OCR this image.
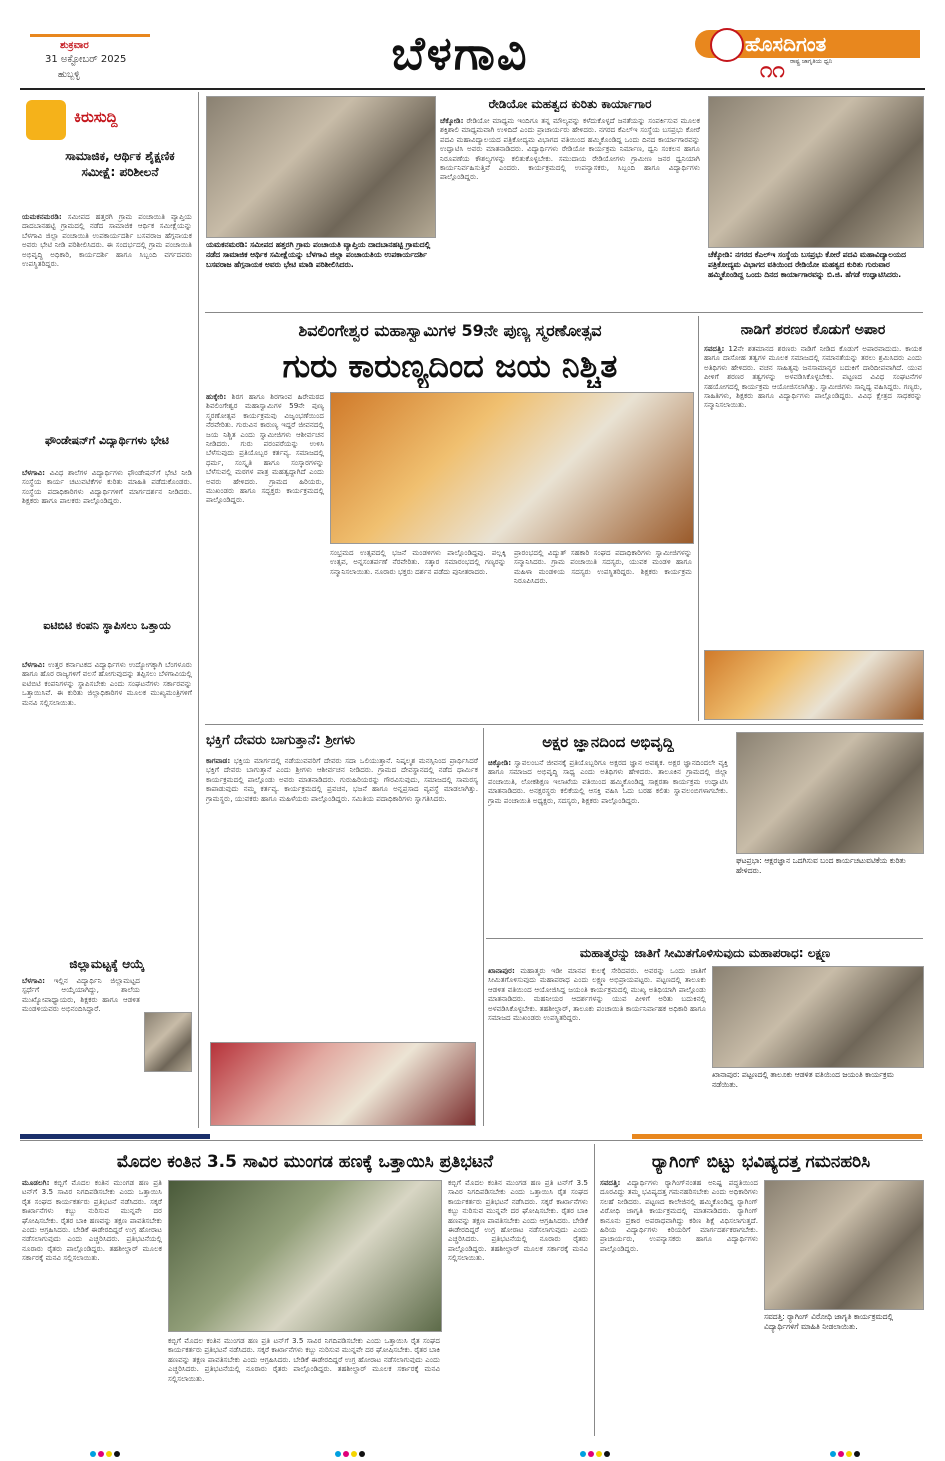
ಶುಕ್ರವಾರ
31 ಅಕ್ಟೋಬರ್ 2025
ಹುಬ್ಬಳ್ಳಿ	ಬೆಳಗಾವಿ	ಹೊಸದಿಗಂತ
ರಾಷ್ಟ್ರ ಜಾಗೃತಿಯ ಧ್ವನಿ
೧೧
ಕಿರುಸುದ್ದಿ
ಸಾಮಾಜಿಕ, ಆರ್ಥಿಕ ಶೈಕ್ಷಣಿಕ ಸಮೀಕ್ಷೆ: ಪರಿಶೀಲನೆ
ಯಮಕನಮರಡಿ: ಸಮೀಪದ ಹತ್ತರಗಿ ಗ್ರಾಮ ಪಂಚಾಯಿತಿ ವ್ಯಾಪ್ತಿಯ ದಾದಬಾನಹಟ್ಟಿ ಗ್ರಾಮದಲ್ಲಿ ನಡೆದ ಸಾಮಾಜಿಕ ಆರ್ಥಿಕ ಸಮೀಕ್ಷೆಯನ್ನು ಬೆಳಗಾವಿ ಜಿಲ್ಲಾ ಪಂಚಾಯಿತಿ ಉಪಕಾರ್ಯದರ್ಶಿ ಬಸವರಾಜ ಹೆಗ್ಗನಾಯಕ ಅವರು ಭೇಟಿ ನೀಡಿ ಪರಿಶೀಲಿಸಿದರು. ಈ ಸಂದರ್ಭದಲ್ಲಿ ಗ್ರಾಮ ಪಂಚಾಯಿತಿ ಅಭಿವೃದ್ಧಿ ಅಧಿಕಾರಿ, ಕಾರ್ಯದರ್ಶಿ ಹಾಗೂ ಸಿಬ್ಬಂದಿ ವರ್ಗದವರು ಉಪಸ್ಥಿತರಿದ್ದರು.
ಫೌಂಡೇಷನ್‌ಗೆ ವಿದ್ಯಾರ್ಥಿಗಳು ಭೇಟಿ
ಬೆಳಗಾವಿ: ವಿವಿಧ ಶಾಲೆಗಳ ವಿದ್ಯಾರ್ಥಿಗಳು ಫೌಂಡೇಷನ್‌ಗೆ ಭೇಟಿ ನೀಡಿ ಸಂಸ್ಥೆಯ ಕಾರ್ಯ ಚಟುವಟಿಕೆಗಳ ಕುರಿತು ಮಾಹಿತಿ ಪಡೆದುಕೊಂಡರು. ಸಂಸ್ಥೆಯ ಪದಾಧಿಕಾರಿಗಳು ವಿದ್ಯಾರ್ಥಿಗಳಿಗೆ ಮಾರ್ಗದರ್ಶನ ನೀಡಿದರು. ಶಿಕ್ಷಕರು ಹಾಗೂ ಪಾಲಕರು ಪಾಲ್ಗೊಂಡಿದ್ದರು.
ಐಟಿಬಿಟಿ ಕಂಪನಿ ಸ್ಥಾಪಿಸಲು ಒತ್ತಾಯ
ಬೆಳಗಾವಿ: ಉತ್ತರ ಕರ್ನಾಟಕದ ವಿದ್ಯಾರ್ಥಿಗಳು ಉದ್ಯೋಗಕ್ಕಾಗಿ ಬೆಂಗಳೂರು ಹಾಗೂ ಹೊರ ರಾಜ್ಯಗಳಿಗೆ ವಲಸೆ ಹೋಗುವುದನ್ನು ತಪ್ಪಿಸಲು ಬೆಳಗಾವಿಯಲ್ಲಿ ಐಟಿಬಿಟಿ ಕಂಪನಿಗಳನ್ನು ಸ್ಥಾಪಿಸಬೇಕು ಎಂದು ಸಂಘಟನೆಗಳು ಸರ್ಕಾರವನ್ನು ಒತ್ತಾಯಿಸಿವೆ. ಈ ಕುರಿತು ಜಿಲ್ಲಾಧಿಕಾರಿಗಳ ಮೂಲಕ ಮುಖ್ಯಮಂತ್ರಿಗಳಿಗೆ ಮನವಿ ಸಲ್ಲಿಸಲಾಯಿತು.
ಜಿಲ್ಲಾಮಟ್ಟಕ್ಕೆ ಆಯ್ಕೆ
ಬೆಳಗಾವಿ: ಇಲ್ಲಿನ ವಿದ್ಯಾರ್ಥಿನಿ ಜಿಲ್ಲಾಮಟ್ಟದ ಸ್ಪರ್ಧೆಗೆ ಆಯ್ಕೆಯಾಗಿದ್ದು, ಶಾಲೆಯ ಮುಖ್ಯೋಪಾಧ್ಯಾಯರು, ಶಿಕ್ಷಕರು ಹಾಗೂ ಆಡಳಿತ ಮಂಡಳಿಯವರು ಅಭಿನಂದಿಸಿದ್ದಾರೆ.
ಯಮಕನಮರಡಿ: ಸಮೀಪದ ಹತ್ತರಗಿ ಗ್ರಾಮ ಪಂಚಾಯತಿ ವ್ಯಾಪ್ತಿಯ ದಾದಬಾನಹಟ್ಟಿ ಗ್ರಾಮದಲ್ಲಿ ನಡೆದ ಸಾಮಾಜಿಕ ಆರ್ಥಿಕ ಸಮೀಕ್ಷೆಯನ್ನು ಬೆಳಗಾವಿ ಜಿಲ್ಲಾ ಪಂಚಾಯತಿಯ ಉಪಕಾರ್ಯದರ್ಶಿ ಬಸವರಾಜ ಹೆಗ್ಗನಾಯಕ ಅವರು ಭೇಟಿ ಮಾಡಿ ಪರಿಶೀಲಿಸಿದರು.
ರೇಡಿಯೋ ಮಹತ್ವದ ಕುರಿತು ಕಾರ್ಯಾಗಾರ
ಚೆಕ್ಕೋಡಿ: ರೇಡಿಯೋ ಮಾಧ್ಯಮ ಇಂದಿಗೂ ತನ್ನ ಮೌಲ್ಯವನ್ನು ಕಳೆದುಕೊಳ್ಳದೆ ಜನತೆಯನ್ನು ಸಂಪರ್ಕಿಸುವ ಮೂಲಕ ಶಕ್ತಿಶಾಲಿ ಮಾಧ್ಯಮವಾಗಿ ಉಳಿದಿದೆ ಎಂದು ಪ್ರಾಚಾರ್ಯರು ಹೇಳಿದರು. ನಗರದ ಕೆಎಲ್‌ಇ ಸಂಸ್ಥೆಯ ಬಸಪ್ರಭು ಕೋರೆ ಪದವಿ ಮಹಾವಿದ್ಯಾಲಯದ ಪತ್ರಿಕೋದ್ಯಮ ವಿಭಾಗದ ವತಿಯಿಂದ ಹಮ್ಮಿಕೊಂಡಿದ್ದ ಒಂದು ದಿನದ ಕಾರ್ಯಾಗಾರವನ್ನು ಉದ್ಘಾಟಿಸಿ ಅವರು ಮಾತನಾಡಿದರು. ವಿದ್ಯಾರ್ಥಿಗಳು ರೇಡಿಯೋ ಕಾರ್ಯಕ್ರಮ ನಿರ್ಮಾಣ, ಧ್ವನಿ ಸಂಕಲನ ಹಾಗೂ ನಿರೂಪಣೆಯ ಕೌಶಲ್ಯಗಳನ್ನು ಕಲಿತುಕೊಳ್ಳಬೇಕು. ಸಮುದಾಯ ರೇಡಿಯೋಗಳು ಗ್ರಾಮೀಣ ಜನರ ಧ್ವನಿಯಾಗಿ ಕಾರ್ಯನಿರ್ವಹಿಸುತ್ತಿವೆ ಎಂದರು. ಕಾರ್ಯಕ್ರಮದಲ್ಲಿ ಉಪನ್ಯಾಸಕರು, ಸಿಬ್ಬಂದಿ ಹಾಗೂ ವಿದ್ಯಾರ್ಥಿಗಳು ಪಾಲ್ಗೊಂಡಿದ್ದರು.
ಚೆಕ್ಕೋಡಿ: ನಗರದ ಕೆಎಲ್‌ಇ ಸಂಸ್ಥೆಯ ಬಸಪ್ರಭು ಕೋರೆ ಪದವಿ ಮಹಾವಿದ್ಯಾಲಯದ ಪತ್ರಿಕೋದ್ಯಮ ವಿಭಾಗದ ವತಿಯಿಂದ ರೇಡಿಯೋ ಮಹತ್ವದ ಕುರಿತು ಗುರುವಾರ ಹಮ್ಮಿಕೊಂಡಿದ್ದ ಒಂದು ದಿನದ ಕಾರ್ಯಾಗಾರವನ್ನು ಬಿ.ಜಿ. ಹೆಗಡೆ ಉದ್ಘಾಟಿಸಿದರು.
ಶಿವಲಿಂಗೇಶ್ವರ ಮಹಾಸ್ವಾಮಿಗಳ 59ನೇ ಪುಣ್ಯ ಸ್ಮರಣೋತ್ಸವ
ಗುರು ಕಾರುಣ್ಯದಿಂದ ಜಯ ನಿಶ್ಚಿತ
ಹುಕ್ಕೇರಿ: ಶಿರಗ ಹಾಗೂ ಶಿರಗಾಂವ ಹಿರೇಮಠದ ಶಿವಲಿಂಗೇಶ್ವರ ಮಹಾಸ್ವಾಮಿಗಳ 59ನೇ ಪುಣ್ಯ ಸ್ಮರಣೋತ್ಸವ ಕಾರ್ಯಕ್ರಮವು ವಿಜೃಂಭಣೆಯಿಂದ ನೆರವೇರಿತು. ಗುರುವಿನ ಕಾರುಣ್ಯ ಇದ್ದರೆ ಜೀವನದಲ್ಲಿ ಜಯ ನಿಶ್ಚಿತ ಎಂದು ಸ್ವಾಮೀಜಿಗಳು ಆಶೀರ್ವಚನ ನೀಡಿದರು. ಗುರು ಪರಂಪರೆಯನ್ನು ಉಳಿಸಿ ಬೆಳೆಸುವುದು ಪ್ರತಿಯೊಬ್ಬರ ಕರ್ತವ್ಯ. ಸಮಾಜದಲ್ಲಿ ಧರ್ಮ, ಸಂಸ್ಕೃತಿ ಹಾಗೂ ಸಂಸ್ಕಾರಗಳನ್ನು ಬೆಳೆಸುವಲ್ಲಿ ಮಠಗಳ ಪಾತ್ರ ಮಹತ್ವದ್ದಾಗಿದೆ ಎಂದು ಅವರು ಹೇಳಿದರು. ಗ್ರಾಮದ ಹಿರಿಯರು, ಮುಖಂಡರು ಹಾಗೂ ಸದ್ಭಕ್ತರು ಕಾರ್ಯಕ್ರಮದಲ್ಲಿ ಪಾಲ್ಗೊಂಡಿದ್ದರು.
ಸಂಭ್ರಮದ ಉತ್ಸವದಲ್ಲಿ ಭಜನೆ ಮಂಡಳಿಗಳು ಪಾಲ್ಗೊಂಡಿದ್ದವು. ಪಲ್ಲಕ್ಕಿ ಉತ್ಸವ, ಅನ್ನಸಂತರ್ಪಣೆ ನೆರವೇರಿತು. ಸತ್ಕಾರ ಸಮಾರಂಭದಲ್ಲಿ ಗಣ್ಯರನ್ನು ಸನ್ಮಾನಿಸಲಾಯಿತು. ನೂರಾರು ಭಕ್ತರು ದರ್ಶನ ಪಡೆದು ಪುನೀತರಾದರು.
ಪ್ರಾರಂಭದಲ್ಲಿ ವಿದ್ಯುತ್ ಸಹಕಾರಿ ಸಂಘದ ಪದಾಧಿಕಾರಿಗಳು ಸ್ವಾಮೀಜಿಗಳನ್ನು ಸನ್ಮಾನಿಸಿದರು. ಗ್ರಾಮ ಪಂಚಾಯಿತಿ ಸದಸ್ಯರು, ಯುವಕ ಮಂಡಳಿ ಹಾಗೂ ಮಹಿಳಾ ಮಂಡಳಿಯ ಸದಸ್ಯರು ಉಪಸ್ಥಿತರಿದ್ದರು. ಶಿಕ್ಷಕರು ಕಾರ್ಯಕ್ರಮ ನಿರೂಪಿಸಿದರು.
ನಾಡಿಗೆ ಶರಣರ ಕೊಡುಗೆ ಅಪಾರ
ಸವದತ್ತಿ: 12ನೇ ಶತಮಾನದ ಶರಣರು ನಾಡಿಗೆ ನೀಡಿದ ಕೊಡುಗೆ ಅಪಾರವಾದುದು. ಕಾಯಕ ಹಾಗೂ ದಾಸೋಹ ತತ್ವಗಳ ಮೂಲಕ ಸಮಾಜದಲ್ಲಿ ಸಮಾನತೆಯನ್ನು ತರಲು ಶ್ರಮಿಸಿದರು ಎಂದು ಅತಿಥಿಗಳು ಹೇಳಿದರು. ವಚನ ಸಾಹಿತ್ಯವು ಜನಸಾಮಾನ್ಯರ ಬದುಕಿಗೆ ದಾರಿದೀಪವಾಗಿದೆ. ಯುವ ಪೀಳಿಗೆ ಶರಣರ ತತ್ವಗಳನ್ನು ಅಳವಡಿಸಿಕೊಳ್ಳಬೇಕು. ಪಟ್ಟಣದ ವಿವಿಧ ಸಂಘಟನೆಗಳ ಸಹಯೋಗದಲ್ಲಿ ಕಾರ್ಯಕ್ರಮ ಆಯೋಜಿಸಲಾಗಿತ್ತು. ಸ್ವಾಮೀಜಿಗಳು ಸಾನ್ನಿಧ್ಯ ವಹಿಸಿದ್ದರು. ಗಣ್ಯರು, ಸಾಹಿತಿಗಳು, ಶಿಕ್ಷಕರು ಹಾಗೂ ವಿದ್ಯಾರ್ಥಿಗಳು ಪಾಲ್ಗೊಂಡಿದ್ದರು. ವಿವಿಧ ಕ್ಷೇತ್ರದ ಸಾಧಕರನ್ನು ಸನ್ಮಾನಿಸಲಾಯಿತು.
ಭಕ್ತಿಗೆ ದೇವರು ಬಾಗುತ್ತಾನೆ: ಶ್ರೀಗಳು
ಕಾಗವಾಡ: ಭಕ್ತಿಯ ಮಾರ್ಗದಲ್ಲಿ ನಡೆಯುವವರಿಗೆ ದೇವರು ಸದಾ ಒಲಿಯುತ್ತಾನೆ. ನಿಷ್ಕಲ್ಮಶ ಮನಸ್ಸಿನಿಂದ ಪ್ರಾರ್ಥಿಸಿದರೆ ಭಕ್ತಿಗೆ ದೇವರು ಬಾಗುತ್ತಾನೆ ಎಂದು ಶ್ರೀಗಳು ಆಶೀರ್ವಚನ ನೀಡಿದರು. ಗ್ರಾಮದ ದೇವಸ್ಥಾನದಲ್ಲಿ ನಡೆದ ಧಾರ್ಮಿಕ ಕಾರ್ಯಕ್ರಮದಲ್ಲಿ ಪಾಲ್ಗೊಂಡು ಅವರು ಮಾತನಾಡಿದರು. ಗುರುಹಿರಿಯರನ್ನು ಗೌರವಿಸುವುದು, ಸಮಾಜದಲ್ಲಿ ಸಾಮರಸ್ಯ ಕಾಪಾಡುವುದು ನಮ್ಮ ಕರ್ತವ್ಯ. ಕಾರ್ಯಕ್ರಮದಲ್ಲಿ ಪ್ರವಚನ, ಭಜನೆ ಹಾಗೂ ಅನ್ನಪ್ರಸಾದ ವ್ಯವಸ್ಥೆ ಮಾಡಲಾಗಿತ್ತು. ಗ್ರಾಮಸ್ಥರು, ಯುವಕರು ಹಾಗೂ ಮಹಿಳೆಯರು ಪಾಲ್ಗೊಂಡಿದ್ದರು. ಸಮಿತಿಯ ಪದಾಧಿಕಾರಿಗಳು ಸ್ವಾಗತಿಸಿದರು.
ಅಕ್ಷರ ಜ್ಞಾನದಿಂದ ಅಭಿವೃದ್ಧಿ
ಚಿಕ್ಕೋಡಿ: ಸ್ವಾವಲಂಬನೆ ಜೀವನಕ್ಕೆ ಪ್ರತಿಯೊಬ್ಬರಿಗೂ ಅಕ್ಷರದ ಜ್ಞಾನ ಅವಶ್ಯಕ. ಅಕ್ಷರ ಜ್ಞಾನದಿಂದಲೇ ವ್ಯಕ್ತಿ ಹಾಗೂ ಸಮಾಜದ ಅಭಿವೃದ್ಧಿ ಸಾಧ್ಯ ಎಂದು ಅತಿಥಿಗಳು ಹೇಳಿದರು. ತಾಲೂಕಿನ ಗ್ರಾಮದಲ್ಲಿ ಜಿಲ್ಲಾ ಪಂಚಾಯಿತಿ, ಲೋಕಶಿಕ್ಷಣ ಇಲಾಖೆಯ ವತಿಯಿಂದ ಹಮ್ಮಿಕೊಂಡಿದ್ದ ಸಾಕ್ಷರತಾ ಕಾರ್ಯಕ್ರಮ ಉದ್ಘಾಟಿಸಿ ಮಾತನಾಡಿದರು. ಅನಕ್ಷರಸ್ಥರು ಕಲಿಕೆಯಲ್ಲಿ ಆಸಕ್ತಿ ವಹಿಸಿ ಓದು ಬರಹ ಕಲಿತು ಸ್ವಾವಲಂಬಿಗಳಾಗಬೇಕು. ಗ್ರಾಮ ಪಂಚಾಯಿತಿ ಅಧ್ಯಕ್ಷರು, ಸದಸ್ಯರು, ಶಿಕ್ಷಕರು ಪಾಲ್ಗೊಂಡಿದ್ದರು.
ಘಟಪ್ರಭಾ: ಆಕ್ಷರಜ್ಞಾನ ಒದಗಿಸುವ ಬಂದ ಕಾರ್ಯಚಟುವಟಿಕೆಯ ಕುರಿತು ಹೇಳಿದರು.
ಮಹಾತ್ಮರನ್ನು ಜಾತಿಗೆ ಸೀಮಿತಗೊಳಿಸುವುದು ಮಹಾಪರಾಧ: ಲಕ್ಷ್ಮಣ
ಖಾನಾಪುರ: ಮಹಾತ್ಮರು ಇಡೀ ಮಾನವ ಕುಲಕ್ಕೆ ಸೇರಿದವರು. ಅವರನ್ನು ಒಂದು ಜಾತಿಗೆ ಸೀಮಿತಗೊಳಿಸುವುದು ಮಹಾಪರಾಧ ಎಂದು ಲಕ್ಷ್ಮಣ ಅಭಿಪ್ರಾಯಪಟ್ಟರು. ಪಟ್ಟಣದಲ್ಲಿ ತಾಲೂಕು ಆಡಳಿತ ವತಿಯಿಂದ ಆಯೋಜಿಸಿದ್ದ ಜಯಂತಿ ಕಾರ್ಯಕ್ರಮದಲ್ಲಿ ಮುಖ್ಯ ಅತಿಥಿಯಾಗಿ ಪಾಲ್ಗೊಂಡು ಮಾತನಾಡಿದರು. ಮಹನೀಯರ ಆದರ್ಶಗಳನ್ನು ಯುವ ಪೀಳಿಗೆ ಅರಿತು ಬದುಕಿನಲ್ಲಿ ಅಳವಡಿಸಿಕೊಳ್ಳಬೇಕು. ತಹಶೀಲ್ದಾರ್, ತಾಲೂಕು ಪಂಚಾಯಿತಿ ಕಾರ್ಯನಿರ್ವಾಹಕ ಅಧಿಕಾರಿ ಹಾಗೂ ಸಮಾಜದ ಮುಖಂಡರು ಉಪಸ್ಥಿತರಿದ್ದರು.
ಖಾನಾಪುರ: ಪಟ್ಟಣದಲ್ಲಿ ತಾಲೂಕು ಆಡಳಿತ ವತಿಯಿಂದ ಜಯಂತಿ ಕಾರ್ಯಕ್ರಮ ನಡೆಯಿತು.
ಮೊದಲ ಕಂತಿನ 3.5 ಸಾವಿರ ಮುಂಗಡ ಹಣಕ್ಕೆ ಒತ್ತಾಯಿಸಿ ಪ್ರತಿಭಟನೆ
ಮೂಡಲಗಿ: ಕಬ್ಬಿಗೆ ಮೊದಲ ಕಂತಿನ ಮುಂಗಡ ಹಣ ಪ್ರತಿ ಟನ್‌ಗೆ 3.5 ಸಾವಿರ ನಿಗದಿಪಡಿಸಬೇಕು ಎಂದು ಒತ್ತಾಯಿಸಿ ರೈತ ಸಂಘದ ಕಾರ್ಯಕರ್ತರು ಪ್ರತಿಭಟನೆ ನಡೆಸಿದರು. ಸಕ್ಕರೆ ಕಾರ್ಖಾನೆಗಳು ಕಬ್ಬು ನುರಿಸುವ ಮುನ್ನವೇ ದರ ಘೋಷಿಸಬೇಕು. ರೈತರ ಬಾಕಿ ಹಣವನ್ನು ತಕ್ಷಣ ಪಾವತಿಸಬೇಕು ಎಂದು ಆಗ್ರಹಿಸಿದರು. ಬೇಡಿಕೆ ಈಡೇರದಿದ್ದರೆ ಉಗ್ರ ಹೋರಾಟ ನಡೆಸಲಾಗುವುದು ಎಂದು ಎಚ್ಚರಿಸಿದರು. ಪ್ರತಿಭಟನೆಯಲ್ಲಿ ನೂರಾರು ರೈತರು ಪಾಲ್ಗೊಂಡಿದ್ದರು. ತಹಶೀಲ್ದಾರ್ ಮೂಲಕ ಸರ್ಕಾರಕ್ಕೆ ಮನವಿ ಸಲ್ಲಿಸಲಾಯಿತು.
ಕಬ್ಬಿಗೆ ಮೊದಲ ಕಂತಿನ ಮುಂಗಡ ಹಣ ಪ್ರತಿ ಟನ್‌ಗೆ 3.5 ಸಾವಿರ ನಿಗದಿಪಡಿಸಬೇಕು ಎಂದು ಒತ್ತಾಯಿಸಿ ರೈತ ಸಂಘದ ಕಾರ್ಯಕರ್ತರು ಪ್ರತಿಭಟನೆ ನಡೆಸಿದರು. ಸಕ್ಕರೆ ಕಾರ್ಖಾನೆಗಳು ಕಬ್ಬು ನುರಿಸುವ ಮುನ್ನವೇ ದರ ಘೋಷಿಸಬೇಕು. ರೈತರ ಬಾಕಿ ಹಣವನ್ನು ತಕ್ಷಣ ಪಾವತಿಸಬೇಕು ಎಂದು ಆಗ್ರಹಿಸಿದರು. ಬೇಡಿಕೆ ಈಡೇರದಿದ್ದರೆ ಉಗ್ರ ಹೋರಾಟ ನಡೆಸಲಾಗುವುದು ಎಂದು ಎಚ್ಚರಿಸಿದರು. ಪ್ರತಿಭಟನೆಯಲ್ಲಿ ನೂರಾರು ರೈತರು ಪಾಲ್ಗೊಂಡಿದ್ದರು. ತಹಶೀಲ್ದಾರ್ ಮೂಲಕ ಸರ್ಕಾರಕ್ಕೆ ಮನವಿ ಸಲ್ಲಿಸಲಾಯಿತು.
ಕಬ್ಬಿಗೆ ಮೊದಲ ಕಂತಿನ ಮುಂಗಡ ಹಣ ಪ್ರತಿ ಟನ್‌ಗೆ 3.5 ಸಾವಿರ ನಿಗದಿಪಡಿಸಬೇಕು ಎಂದು ಒತ್ತಾಯಿಸಿ ರೈತ ಸಂಘದ ಕಾರ್ಯಕರ್ತರು ಪ್ರತಿಭಟನೆ ನಡೆಸಿದರು. ಸಕ್ಕರೆ ಕಾರ್ಖಾನೆಗಳು ಕಬ್ಬು ನುರಿಸುವ ಮುನ್ನವೇ ದರ ಘೋಷಿಸಬೇಕು. ರೈತರ ಬಾಕಿ ಹಣವನ್ನು ತಕ್ಷಣ ಪಾವತಿಸಬೇಕು ಎಂದು ಆಗ್ರಹಿಸಿದರು. ಬೇಡಿಕೆ ಈಡೇರದಿದ್ದರೆ ಉಗ್ರ ಹೋರಾಟ ನಡೆಸಲಾಗುವುದು ಎಂದು ಎಚ್ಚರಿಸಿದರು. ಪ್ರತಿಭಟನೆಯಲ್ಲಿ ನೂರಾರು ರೈತರು ಪಾಲ್ಗೊಂಡಿದ್ದರು. ತಹಶೀಲ್ದಾರ್ ಮೂಲಕ ಸರ್ಕಾರಕ್ಕೆ ಮನವಿ ಸಲ್ಲಿಸಲಾಯಿತು.
ರ್‍ಯಾಗಿಂಗ್ ಬಿಟ್ಟು ಭವಿಷ್ಯದತ್ತ ಗಮನಹರಿಸಿ
ಸವದತ್ತಿ: ವಿದ್ಯಾರ್ಥಿಗಳು ರ್‍ಯಾಗಿಂಗ್‌ನಂತಹ ಅನಿಷ್ಟ ಪದ್ಧತಿಯಿಂದ ದೂರವಿದ್ದು ತಮ್ಮ ಭವಿಷ್ಯದತ್ತ ಗಮನಹರಿಸಬೇಕು ಎಂದು ಅಧಿಕಾರಿಗಳು ಸಲಹೆ ನೀಡಿದರು. ಪಟ್ಟಣದ ಕಾಲೇಜಿನಲ್ಲಿ ಹಮ್ಮಿಕೊಂಡಿದ್ದ ರ್‍ಯಾಗಿಂಗ್ ವಿರೋಧಿ ಜಾಗೃತಿ ಕಾರ್ಯಕ್ರಮದಲ್ಲಿ ಮಾತನಾಡಿದರು. ರ್‍ಯಾಗಿಂಗ್ ಕಾನೂನು ಪ್ರಕಾರ ಅಪರಾಧವಾಗಿದ್ದು ಕಠಿಣ ಶಿಕ್ಷೆ ವಿಧಿಸಲಾಗುತ್ತದೆ. ಹಿರಿಯ ವಿದ್ಯಾರ್ಥಿಗಳು ಕಿರಿಯರಿಗೆ ಮಾರ್ಗದರ್ಶಕರಾಗಬೇಕು. ಪ್ರಾಚಾರ್ಯರು, ಉಪನ್ಯಾಸಕರು ಹಾಗೂ ವಿದ್ಯಾರ್ಥಿಗಳು ಪಾಲ್ಗೊಂಡಿದ್ದರು.
ಸವದತ್ತಿ: ರ್‍ಯಾಗಿಂಗ್ ವಿರೋಧಿ ಜಾಗೃತಿ ಕಾರ್ಯಕ್ರಮದಲ್ಲಿ ವಿದ್ಯಾರ್ಥಿಗಳಿಗೆ ಮಾಹಿತಿ ನೀಡಲಾಯಿತು.
